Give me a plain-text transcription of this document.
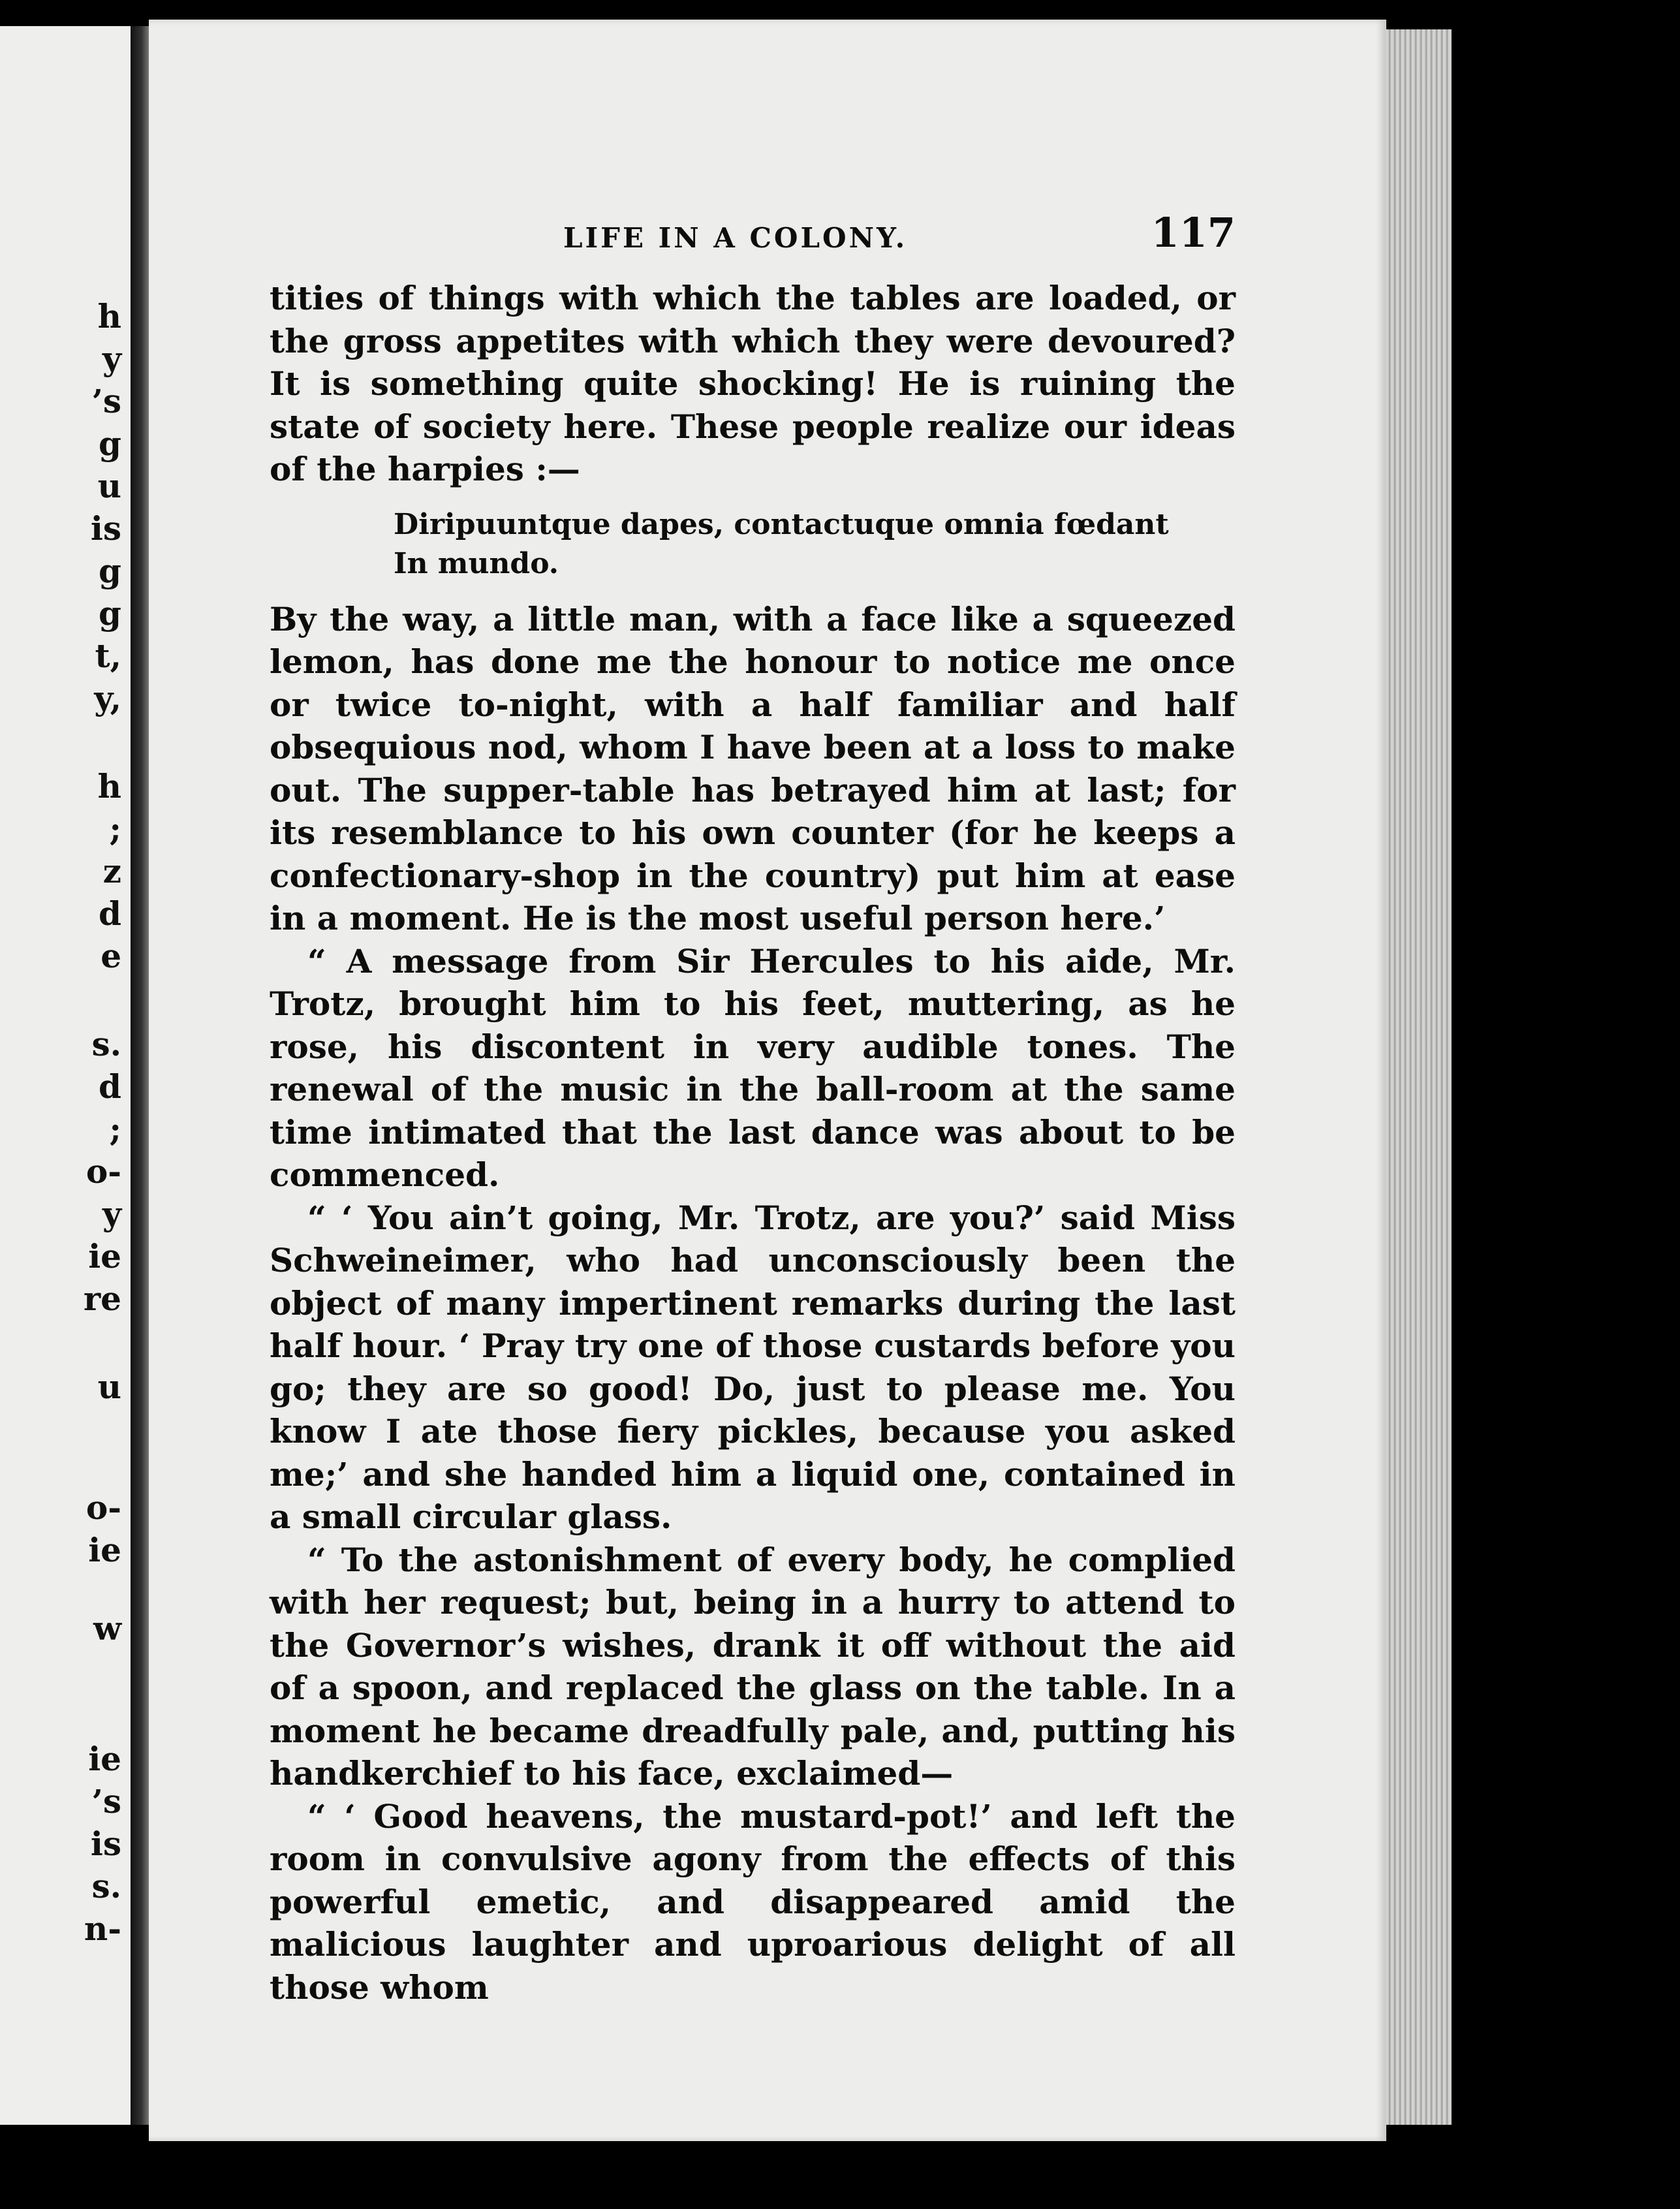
h
y
’s
g
u
is
g
g
t,
y,
h
;
z
d
e
s.
d
;
o-
y
ie
re
u
o-
ie
w
ie
’s
is
s.
n-
LIFE IN A COLONY.	117

tities of things with which the tables are loaded, or the gross appetites with which they were devoured? It is something quite shocking! He is ruining the state of society here. These people realize our ideas of the harpies :—

Diripuuntque dapes, contactuque omnia fœdant
In mundo.

By the way, a little man, with a face like a squeezed lemon, has done me the honour to notice me once or twice to-night, with a half familiar and half obsequious nod, whom I have been at a loss to make out. The supper-table has betrayed him at last; for its resemblance to his own counter (for he keeps a confectionary-shop in the country) put him at ease in a moment. He is the most useful person here.’

“ A message from Sir Hercules to his aide, Mr. Trotz, brought him to his feet, muttering, as he rose, his discontent in very audible tones. The renewal of the music in the ball-room at the same time intimated that the last dance was about to be commenced.

“ ‘ You ain’t going, Mr. Trotz, are you?’ said Miss Schweineimer, who had unconsciously been the object of many impertinent remarks during the last half hour. ‘ Pray try one of those custards before you go; they are so good! Do, just to please me. You know I ate those fiery pickles, because you asked me;’ and she handed him a liquid one, contained in a small circular glass.

“ To the astonishment of every body, he complied with her request; but, being in a hurry to attend to the Governor’s wishes, drank it off without the aid of a spoon, and replaced the glass on the table. In a moment he became dreadfully pale, and, putting his handkerchief to his face, exclaimed—

“ ‘ Good heavens, the mustard-pot!’ and left the room in convulsive agony from the effects of this powerful emetic, and disappeared amid the malicious laughter and uproarious delight of all those whom
